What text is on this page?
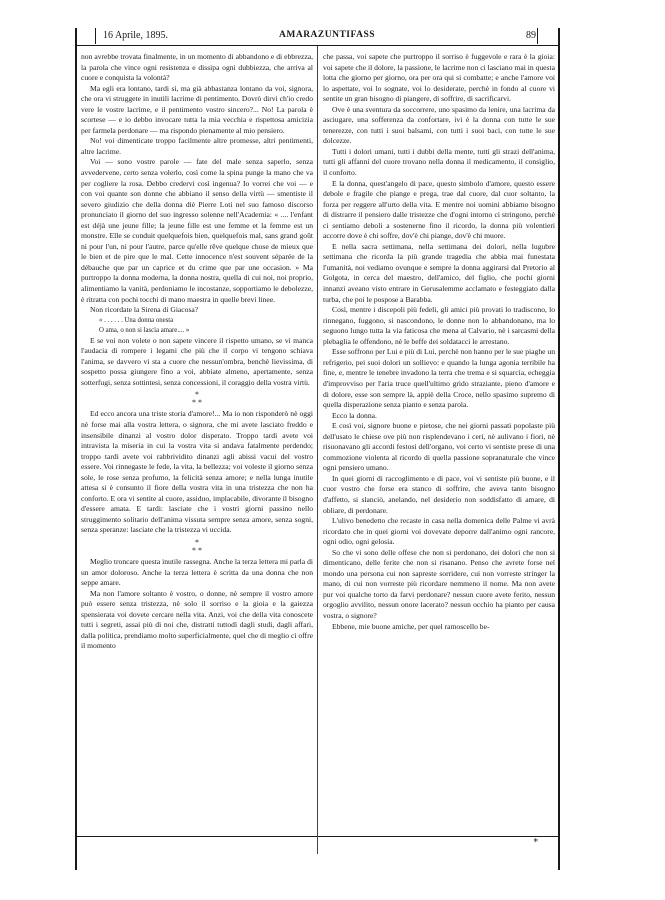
16 Aprile, 1895.	AMARAZUNTIFASS	89

non avrebbe trovata finalmente, in un momento di abbandono e di ebbrezza, la parola che vince ogni resistenza e dissipa ogni dubbiezza, che arriva al cuore e conquista la volontà?

Ma egli era lontano, tardi sì, ma già abbastanza lontano da voi, signora, che ora vi struggete in inutili lacrime di pentimento. Dovrò dirvi ch'io credo vere le vostre lacrime, e il pentimento vostro sincero?... No! La parola è scortese — e io debbo invocare tutta la mia vecchia e rispettosa amicizia per farmela perdonare — ma rispondo pienamente al mio pensiero.

No! voi dimenticate troppo facilmente altre promesse, altri pentimenti, altre lacrime.

Voi — sono vostre parole — fate del male senza saperlo, senza avvedervene, certo senza volerlo, così come la spina punge la mano che va per cogliere la rosa. Debbo credervi così ingenua? Io vorrei che voi — e con voi quante son donne che abbiano il senso della virtù — smentiste il severo giudizio che della donna diè Pierre Loti nel suo famoso discorso pronunciato il giorno del suo ingresso solenne nell'Academia: « .... l'enfant est déjà une jeune fille; la jeune fille est une femme et la femme est un monstre. Elle se conduit quelquefois bien, quelquefois mal, sans grand goût ni pour l'un, ni pour l'autre, parce qu'elle rêve quelque chose de mieux que le bien et de pire que le mal. Cette innocence n'est souvent séparée de la débauche que par un caprice et du crime que par une occasion. » Ma purtroppo la donna moderna, la donna nostra, quella di cui noi, noi proprio, alimentiamo la vanità, perdoniamo le incostanze, sopportiamo le debolezze, è ritratta con pochi tocchi di mano maestra in quelle brevi linee.

Non ricordate la Sirena di Giacosa?

« . . . . . . Una donna onesta
O ama, o non si lascia amare.... »

E se voi non volete o non sapete vincere il rispetto umano, se vi manca l'audacia di rompere i legami che più che il corpo vi tengono schiava l'anima, se davvero vi sta a cuore che nessun'ombra, benchè lievissima, di sospetto possa giungere fino a voi, abbiate almeno, apertamente, senza sotterfugi, senza sottintesi, senza concessioni, il coraggio della vostra virtù.

*
* *

Ed ecco ancora una triste storia d'amore!... Ma io non risponderò nè oggi nè forse mai alla vostra lettera, o signora, che mi avete lasciato freddo e insensibile dinanzi al vostro dolor disperato. Troppo tardi avete voi intravista la miseria in cui la vostra vita si andava fatalmente perdendo; troppo tardi avete voi rabbrividito dinanzi agli abissi vacui del vostro essere. Voi rinnegaste le fede, la vita, la bellezza; voi voleste il giorno senza sole, le rose senza profumo, la felicità senza amore; e nella lunga inutile attesa si è consunto il fiore della vostra vita in una tristezza che non ha conforto. E ora vi sentite al cuore, assiduo, implacabile, divorante il bisogno d'essere amata. E tardi: lasciate che i vostri giorni passino nello struggimento solitario dell'anima vissuta sempre senza amore, senza sogni, senza speranze: lasciate che la tristezza vi uccida.

*
* *

Meglio troncare questa inutile rassegna. Anche la terza lettera mi parla di un amor doloroso. Anche la terza lettera è scritta da una donna che non seppe amare.

Ma non l'amore soltanto è vostro, o donne, nè sempre il vostro amore può essere senza tristezza, nè solo il sorriso e la gioia e la gaiezza spensierata voi dovete cercare nella vita. Anzi, voi che della vita conoscete tutti i segreti, assai più di noi che, distratti tuttodì dagli studi, dagli affari, dalla politica, prendiamo molto superficialmente, quel che di meglio ci offre il momento

che passa, voi sapete che purtroppo il sorriso è fuggevole e rara è la gioia: voi sapete che il dolore, la passione, le lacrime non ci lasciano mai in questa lotta che giorno per giorno, ora per ora qui si combatte; e anche l'amore voi lo aspettate, voi lo sognate, voi lo desiderate, perchè in fondo al cuore vi sentite un gran bisogno di piangere, di soffrire, di sacrificarvi.

Ove è una sventura da soccorrere, uno spasimo da lenire, una lacrima da asciugare, una sofferenza da confortare, ivi è la donna con tutte le sue tenerezze, con tutti i suoi balsami, con tutti i suoi baci, con tutte le sue dolcezze.

Tutti i dolori umani, tutti i dubbi della mente, tutti gli strazi dell'anima, tutti gli affanni del cuore trovano nella donna il medicamento, il consiglio, il conforto.

E la donna, quest'angelo di pace, questo simbolo d'amore, questo essere debole e fragile che piange e prega, trae dal cuore, dal cuor soltanto, la forza per reggere all'urto della vita. E mentre noi uomini abbiamo bisogno di distrarre il pensiero dalle tristezze che d'ogni intorno ci stringono, perchè ci sentiamo deboli a sostenerne fino il ricordo, la donna più volentieri accorre dove è chi soffre, dov'è chi piange, dov'è chi muore.

E nella sacra settimana, nella settimana dei dolori, nella lugubre settimana che ricorda la più grande tragedia che abbia mai funestata l'umanità, noi vediamo ovunque e sempre la donna aggirarsi dal Pretorio al Golgota, in cerca del maestro, dell'amico, del figlio, che pochi giorni innanzi aveano visto entrare in Gerusalemme acclamato e festeggiato dalla turba, che poi le pospose a Barabba.

Così, mentre i discepoli più fedeli, gli amici più provati lo tradiscono, lo rinnegano, fuggono, si nascondono, le donne non lo abbandonano, ma lo seguono lungo tutta la via faticosa che mena al Calvario, nè i sarcasmi della plebaglia le offendono, nè le beffe dei soldatacci le arrestano.

Esse soffrono per Lui e più di Lui, perchè non hanno per le sue piaghe un refrigerio, pei suoi dolori un sollievo: e quando la lunga agonia terribile ha fine, e, mentre le tenebre invadono la terra che trema e si squarcia, echeggia d'improvviso per l'aria truce quell'ultimo grido straziante, pieno d'amore e di dolore, esse son sempre là, appiè della Croce, nello spasimo supremo di quella disperazione senza pianto e senza parola.

Ecco la donna.

E così voi, signore buone e pietose, che nei giorni passati popolaste più dell'usato le chiese ove più non risplendevano i ceri, nè aulivano i fiori, nè risuonavano gli accordi festosi dell'organo, voi certo vi sentiste prese di una commozione violenta al ricordo di quella passione sopranaturale che vince ogni pensiero umano.

In quei giorni di raccoglimento e di pace, voi vi sentiste più buone, e il cuor vostro che forse era stanco di soffrire, che aveva tanto bisogno d'affetto, si slanciò, anelando, nel desiderio non soddisfatto di amare, di obliare, di perdonare.

L'ulivo benedetto che recaste in casa nella domenica delle Palme vi avrà ricordato che in quei giorni voi dovevate deporre dall'animo ogni rancore, ogni odio, ogni gelosia.

So che vi sono delle offese che non si perdonano, dei dolori che non si dimenticano, delle ferite che non si risanano. Penso che avrete forse nel mondo una persona cui non sapreste sorridere, cui non vorreste stringer la mano, di cui non vorreste più ricordare nemmeno il nome. Ma non avete pur voi qualche torto da farvi perdonare? nessun cuore avete ferito, nessun orgoglio avvilito, nessun onore lacerato? nessun occhio ha pianto per causa vostra, o signore?

Ebbene, mie buone amiche, per quel ramoscello be-

*
